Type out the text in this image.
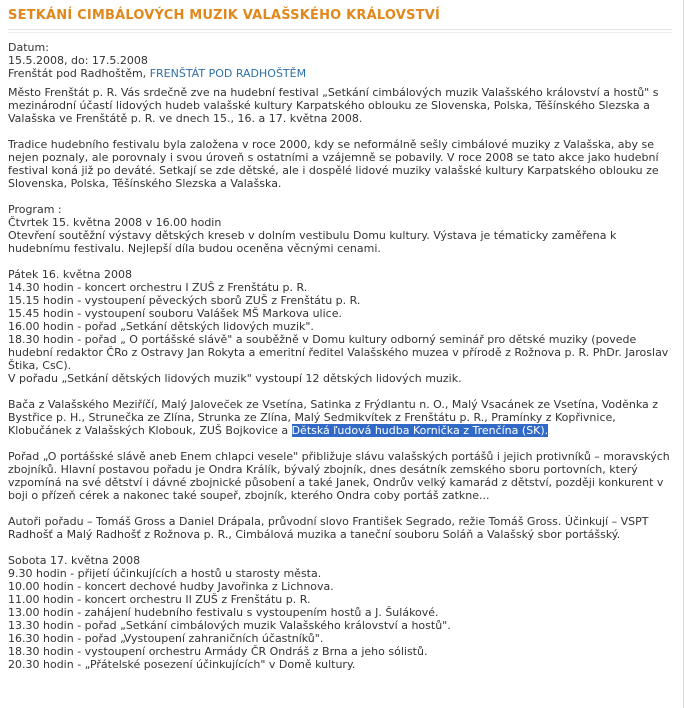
SETKÁNÍ CIMBÁLOVÝCH MUZIK VALAŠSKÉHO KRÁLOVSTVÍ

Datum:

15.5.2008, do: 17.5.2008

Frenštát pod Radhoštěm, FRENŠTÁT POD RADHOŠTĚM

Město Frenštát p. R. Vás srdečně zve na hudební festival „Setkání cimbálových muzik Valašského království a hostů" s mezinárodní účastí lidových hudeb valašské kultury Karpatského oblouku ze Slovenska, Polska, Těšínského Slezska a Valašska ve Frenštátě p. R. ve dnech 15., 16. a 17. května 2008.

Tradice hudebního festivalu byla založena v roce 2000, kdy se neformálně sešly cimbálové muziky z Valašska, aby se nejen poznaly, ale porovnaly i svou úroveň s ostatními a vzájemně se pobavily. V roce 2008 se tato akce jako hudební festival koná již po deváté. Setkají se zde dětské, ale i dospělé lidové muziky valašské kultury Karpatského oblouku ze Slovenska, Polska, Těšínského Slezska a Valašska.

Program :

Čtvrtek 15. května 2008 v 16.00 hodin

Otevření soutěžní výstavy dětských kreseb v dolním vestibulu Domu kultury. Výstava je tématicky zaměřena k hudebnímu festivalu. Nejlepší díla budou oceněna věcnými cenami.

Pátek 16. května 2008

14.30 hodin - koncert orchestru I ZUŠ z Frenštátu p. R.

15.15 hodin - vystoupení pěveckých sborů ZUŠ z Frenštátu p. R.

15.45 hodin - vystoupení souboru Valášek MŠ Markova ulice.

16.00 hodin - pořad „Setkání dětských lidových muzik".

18.30 hodin - pořad „ O portášské slávě" a souběžně v Domu kultury odborný seminář pro dětské muziky (povede hudební redaktor ČRo z Ostravy Jan Rokyta a emeritní ředitel Valašského muzea v přírodě z Rožnova p. R. PhDr. Jaroslav Štika, CsC).

V pořadu „Setkání dětských lidových muzik" vystoupí 12 dětských lidových muzik.

Bača z Valašského Meziříčí, Malý Jalovec̆ek ze Vsetína, Satinka z Frýdlantu n. O., Malý Vsacánek ze Vsetína, Vodĕnka z Bystřice p. H., Strunečka ze Zlína, Strunka ze Zlína, Malý Sedmikvítek z Frenštátu p. R., Pramínky z Kopřivnice, Klobučánek z Valašských Klobouk, ZUŠ Bojkovice a Dĕtská ľudová hudba Kornička z Trenčína (SK).

Pořad „O portášské slávě aneb Enem chlapci vesele" přibližuje slávu valašských portášů i jejich protivníků – moravských zbojníků. Hlavní postavou pořadu je Ondra Králík, bývalý zbojník, dnes desátník zemského sboru portovních, který vzpomíná na své dětství i dávné zbojnické působení a také Janek, Ondrův velký kamarád z dětství, později konkurent v boji o přízeň cérek a nakonec také soupeř, zbojník, kterého Ondra coby portáš zatkne...

Autoři pořadu – Tomáš Gross a Daniel Drápala, průvodní slovo František Segrado, režie Tomáš Gross. Účinkují – VSPT Radhošť a Malý Radhošť z Rožnova p. R., Cimbálová muzika a taneční souboru Soláň a Valašský sbor portášský.

Sobota 17. května 2008

9.30 hodin - přijetí účinkujících a hostů u starosty města.

10.00 hodin - koncert dechové hudby Javořinka z Lichnova.

11.00 hodin - koncert orchestru II ZUŠ z Frenštátu p. R.

13.00 hodin - zahájení hudebního festivalu s vystoupením hostů a J. Šulákové.

13.30 hodin - pořad „Setkání cimbálových muzik Valašského království a hostů".

16.30 hodin - pořad „Vystoupení zahraničních účastníků".

18.30 hodin - vystoupení orchestru Armády ČR Ondráš z Brna a jeho sólistů.

20.30 hodin - „Přátelské posezení účinkujících" v Domě kultury.
